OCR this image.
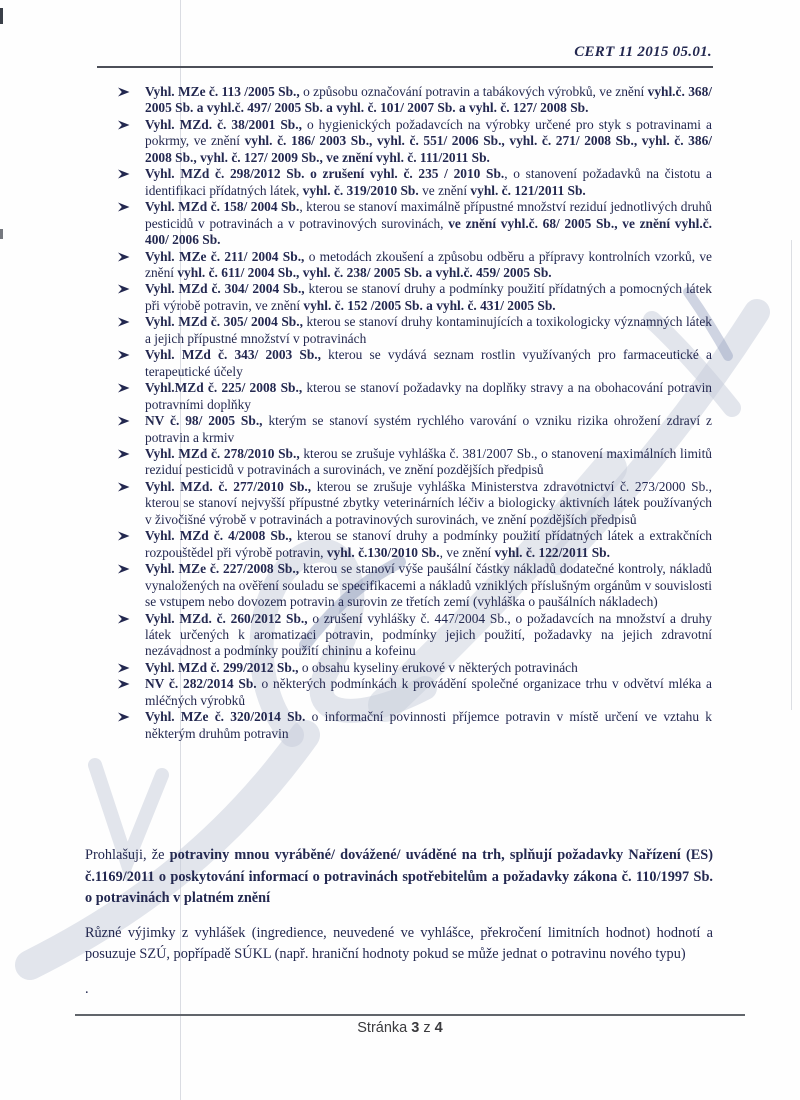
CERT 11 2015 05.01.
Vyhl. MZe č. 113 /2005 Sb., o způsobu označování potravin a tabákových výrobků, ve znění vyhl.č. 368/ 2005 Sb. a vyhl.č. 497/ 2005 Sb. a vyhl. č. 101/ 2007 Sb. a vyhl. č. 127/ 2008 Sb.
Vyhl. MZd. č. 38/2001 Sb., o hygienických požadavcích na výrobky určené pro styk s potravinami a pokrmy, ve znění vyhl. č. 186/ 2003 Sb., vyhl. č. 551/ 2006 Sb., vyhl. č. 271/ 2008 Sb., vyhl. č. 386/ 2008 Sb., vyhl. č. 127/ 2009 Sb., ve znění vyhl. č. 111/2011 Sb.
Vyhl. MZd č. 298/2012 Sb. o zrušení vyhl. č. 235 / 2010 Sb., o stanovení požadavků na čistotu a identifikaci přídatných látek, vyhl. č. 319/2010 Sb. ve znění vyhl. č. 121/2011 Sb.
Vyhl. MZd č. 158/ 2004 Sb., kterou se stanoví maximálně přípustné množství reziduí jednotlivých druhů pesticidů v potravinách a v potravinových surovinách, ve znění vyhl.č. 68/ 2005 Sb., ve znění vyhl.č. 400/ 2006 Sb.
Vyhl. MZe č. 211/ 2004 Sb., o metodách zkoušení a způsobu odběru a přípravy kontrolních vzorků, ve znění vyhl. č. 611/ 2004 Sb., vyhl. č. 238/ 2005 Sb. a vyhl.č. 459/ 2005 Sb.
Vyhl. MZd č. 304/ 2004 Sb., kterou se stanoví druhy a podmínky použití přídatných a pomocných látek při výrobě potravin, ve znění vyhl. č. 152 /2005 Sb. a vyhl. č. 431/ 2005 Sb.
Vyhl. MZd č. 305/ 2004 Sb., kterou se stanoví druhy kontaminujících a toxikologicky významných látek a jejich přípustné množství v potravinách
Vyhl. MZd č. 343/ 2003 Sb., kterou se vydává seznam rostlin využívaných pro farmaceutické a terapeutické účely
Vyhl.MZd č. 225/ 2008 Sb., kterou se stanoví požadavky na doplňky stravy a na obohacování potravin potravními doplňky
NV č. 98/ 2005 Sb., kterým se stanoví systém rychlého varování o vzniku rizika ohrožení zdraví z potravin a krmiv
Vyhl. MZd č. 278/2010 Sb., kterou se zrušuje vyhláška č. 381/2007 Sb., o stanovení maximálních limitů reziduí pesticidů v potravinách a surovinách, ve znění pozdějších předpisů
Vyhl. MZd. č. 277/2010 Sb., kterou se zrušuje vyhláška Ministerstva zdravotnictví č. 273/2000 Sb., kterou se stanoví nejvyšší přípustné zbytky veterinárních léčiv a biologicky aktivních látek používaných v živočišné výrobě v potravinách a potravinových surovinách, ve znění pozdějších předpisů
Vyhl. MZd č. 4/2008 Sb., kterou se stanoví druhy a podmínky použití přídatných látek a extrakčních rozpouštědel při výrobě potravin, vyhl. č.130/2010 Sb., ve znění vyhl. č. 122/2011 Sb.
Vyhl. MZe č. 227/2008 Sb., kterou se stanoví výše paušální částky nákladů dodatečné kontroly, nákladů vynaložených na ověření souladu se specifikacemi a nákladů vzniklých příslušným orgánům v souvislosti se vstupem nebo dovozem potravin a surovin ze třetích zemí (vyhláška o paušálních nákladech)
Vyhl. MZd. č. 260/2012 Sb., o zrušení vyhlášky č. 447/2004 Sb., o požadavcích na množství a druhy látek určených k aromatizaci potravin, podmínky jejich použití, požadavky na jejich zdravotní nezávadnost a podmínky použití chininu a kofeinu
Vyhl. MZd č. 299/2012 Sb., o obsahu kyseliny erukové v některých potravinách
NV č. 282/2014 Sb. o některých podmínkách k provádění společné organizace trhu v odvětví mléka a mléčných výrobků
Vyhl. MZe č. 320/2014 Sb. o informační povinnosti příjemce potravin v místě určení ve vztahu k některým druhům potravin

Prohlašuji, že potraviny mnou vyráběné/ dovážené/ uváděné na trh, splňují požadavky Nařízení (ES) č.1169/2011 o poskytování informací o potravinách spotřebitelům a požadavky zákona č. 110/1997 Sb. o potravinách v platném znění

Různé výjimky z vyhlášek (ingredience, neuvedené ve vyhlášce, překročení limitních hodnot) hodnotí a posuzuje SZÚ, popřípadě SÚKL (např. hraniční hodnoty pokud se může jednat o potravinu nového typu)

.

Stránka 3 z 4
